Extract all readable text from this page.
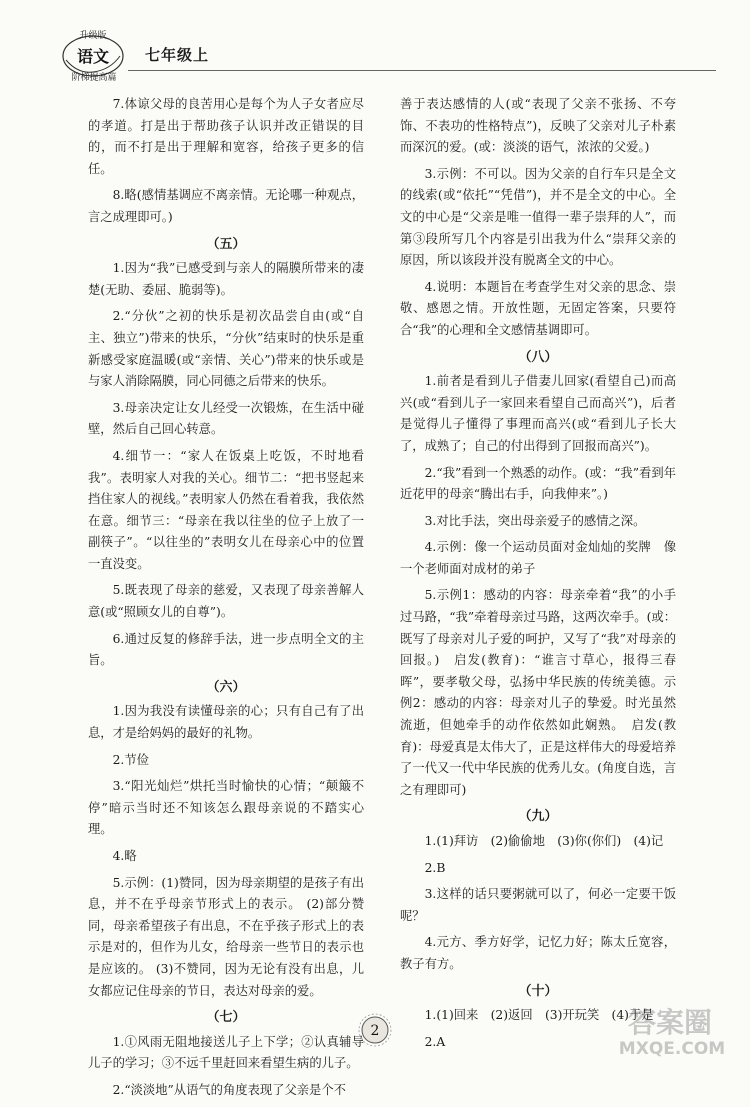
升级版
语文
阶梯提高篇
七年级上
7.体谅父母的良苦用心是每个为人子女者应尽的孝道。打是出于帮助孩子认识并改正错误的目的，而不打是出于理解和宽容，给孩子更多的信任。
8.略(感情基调应不离亲情。无论哪一种观点，言之成理即可。)
（五）
1.因为“我”已感受到与亲人的隔膜所带来的凄楚(无助、委屈、脆弱等)。
2.“分伙”之初的快乐是初次品尝自由(或“自主、独立”)带来的快乐，“分伙”结束时的快乐是重新感受家庭温暖(或“亲情、关心”)带来的快乐或是与家人消除隔膜，同心同德之后带来的快乐。
3.母亲决定让女儿经受一次锻炼，在生活中碰壁，然后自己回心转意。
4.细节一：“家人在饭桌上吃饭，不时地看我”。表明家人对我的关心。细节二：“把书竖起来挡住家人的视线。”表明家人仍然在看着我，我依然在意。细节三：“母亲在我以往坐的位子上放了一副筷子”。“以往坐的”表明女儿在母亲心中的位置一直没变。
5.既表现了母亲的慈爱，又表现了母亲善解人意(或“照顾女儿的自尊”)。
6.通过反复的修辞手法，进一步点明全文的主旨。
（六）
1.因为我没有读懂母亲的心；只有自己有了出息，才是给妈妈的最好的礼物。
2.节俭
3.“阳光灿烂”烘托当时愉快的心情；“颠簸不停”暗示当时还不知该怎么跟母亲说的不踏实心理。
4.略
5.示例：(1)赞同，因为母亲期望的是孩子有出息，并不在乎母亲节形式上的表示。 (2)部分赞同，母亲希望孩子有出息，不在乎孩子形式上的表示是对的，但作为儿女，给母亲一些节日的表示也是应该的。 (3)不赞同，因为无论有没有出息，儿女都应记住母亲的节日，表达对母亲的爱。
（七）
1.①风雨无阻地接送儿子上下学；②认真辅导儿子的学习；③不远千里赶回来看望生病的儿子。
2.“淡淡地”从语气的角度表现了父亲是个不
善于表达感情的人(或“表现了父亲不张扬、不夸饰、不表功的性格特点”)，反映了父亲对儿子朴素而深沉的爱。(或：淡淡的语气，浓浓的父爱。)
3.示例：不可以。因为父亲的自行车只是全文的线索(或“依托”“凭借”)，并不是全文的中心。全文的中心是“父亲是唯一值得一辈子崇拜的人”，而第③段所写几个内容是引出我为什么“崇拜父亲的原因，所以该段并没有脱离全文的中心。
4.说明：本题旨在考查学生对父亲的思念、崇敬、感恩之情。开放性题，无固定答案，只要符合“我”的心理和全文感情基调即可。
（八）
1.前者是看到儿子借妻儿回家(看望自己)而高兴(或“看到儿子一家回来看望自己而高兴”)，后者是觉得儿子懂得了事理而高兴(或“看到儿子长大了，成熟了；自己的付出得到了回报而高兴”)。
2.“我”看到一个熟悉的动作。(或：“我”看到年近花甲的母亲“腾出右手，向我伸来”。)
3.对比手法，突出母亲爱子的感情之深。
4.示例：像一个运动员面对金灿灿的奖牌　像一个老师面对成材的弟子
5.示例1：感动的内容：母亲牵着“我”的小手过马路，“我”牵着母亲过马路，这两次牵手。(或：既写了母亲对儿子爱的呵护，又写了“我”对母亲的回报。)　启发(教育)：“谁言寸草心，报得三春晖”，要孝敬父母，弘扬中华民族的传统美德。示例2：感动的内容：母亲对儿子的挚爱。时光虽然流逝，但她牵手的动作依然如此娴熟。　启发(教育)：母爱真是太伟大了，正是这样伟大的母爱培养了一代又一代中华民族的优秀儿女。(角度自选，言之有理即可)
（九）
1.(1)拜访　(2)偷偷地　(3)你(你们)　(4)记
2.B
3.这样的话只要粥就可以了，何必一定要干饭呢？
4.元方、季方好学，记忆力好；陈太丘宽容，教子有方。
（十）
1.(1)回来　(2)返回　(3)开玩笑　(4)于是
2.A
2	答案圈
MXQE.COM
